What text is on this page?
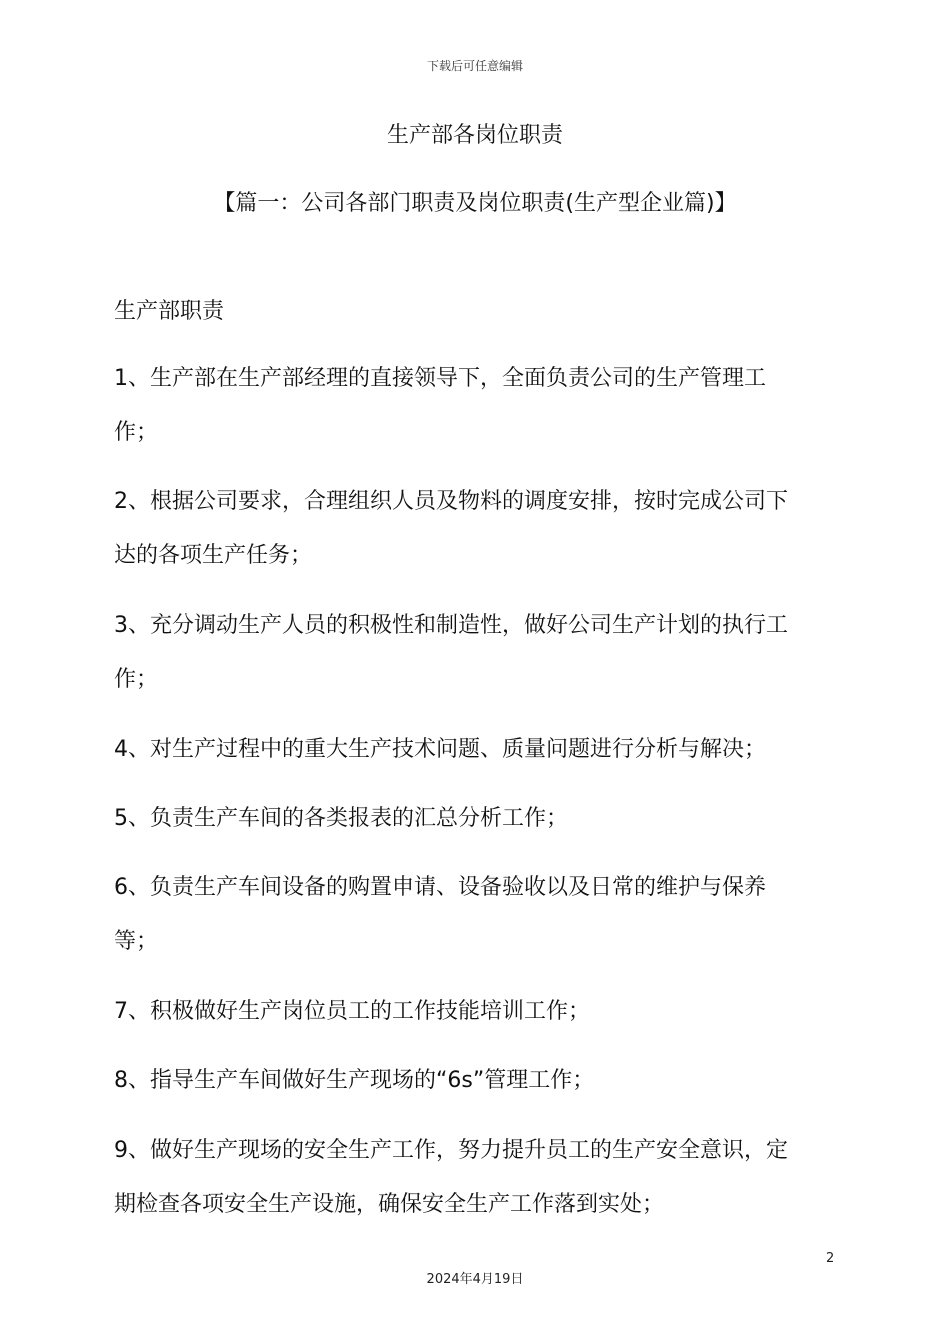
下载后可任意编辑
生产部各岗位职责
【篇一：公司各部门职责及岗位职责(生产型企业篇)】
生产部职责
1、生产部在生产部经理的直接领导下，全面负责公司的生产管理工
作；
2、根据公司要求，合理组织人员及物料的调度安排，按时完成公司下
达的各项生产任务；
3、充分调动生产人员的积极性和制造性，做好公司生产计划的执行工
作；
4、对生产过程中的重大生产技术问题、质量问题进行分析与解决；
5、负责生产车间的各类报表的汇总分析工作；
6、负责生产车间设备的购置申请、设备验收以及日常的维护与保养
等；
7、积极做好生产岗位员工的工作技能培训工作；
8、指导生产车间做好生产现场的“6s”管理工作；
9、做好生产现场的安全生产工作，努力提升员工的生产安全意识，定
期检查各项安全生产设施，确保安全生产工作落到实处；
2
2024年4月19日
